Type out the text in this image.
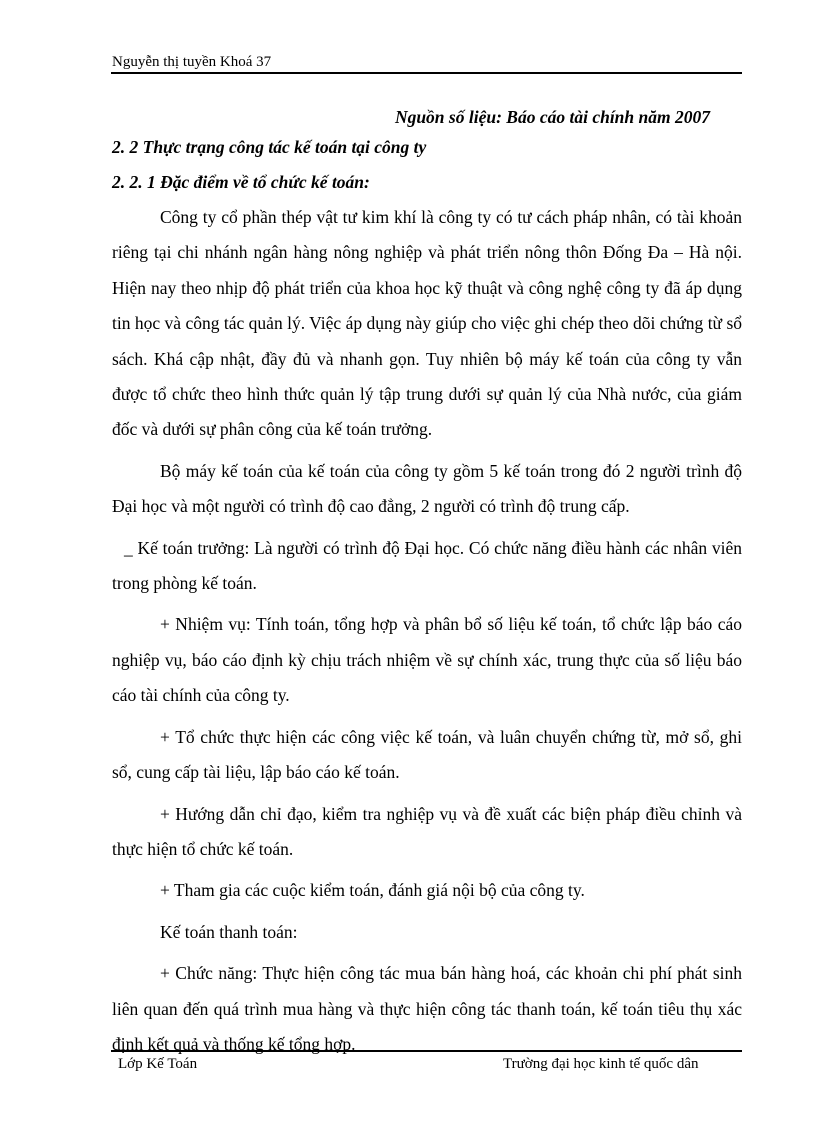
Nguyễn thị tuyền Khoá 37
Nguồn số liệu: Báo cáo tài chính năm 2007
2. 2 Thực trạng công tác kế toán tại công ty
2. 2. 1 Đặc điểm về tổ chức kế toán:

Công ty cổ phần thép vật tư kim khí là công ty có tư cách pháp nhân, có tài khoản riêng tại chi nhánh ngân hàng nông nghiệp và phát triển nông thôn Đống Đa – Hà nội. Hiện nay theo nhịp độ phát triển của khoa học kỹ thuật và công nghệ công ty đã áp dụng tin học và công tác quản lý. Việc áp dụng này giúp cho việc ghi chép theo dõi chứng từ sổ sách. Khá cập nhật, đầy đủ và nhanh gọn. Tuy nhiên bộ máy kế toán của công ty vẫn được tổ chức theo hình thức quản lý tập trung dưới sự quản lý của Nhà nước, của giám đốc và dưới sự phân công của kế toán trưởng.

Bộ máy kế toán của kế toán của công ty gồm 5 kế toán trong đó 2 người trình độ Đại học và một người có trình độ cao đẳng, 2 người có trình độ trung cấp.

_ Kế toán trưởng: Là người có trình độ Đại học. Có chức năng điều hành các nhân viên trong phòng kế toán.

+ Nhiệm vụ: Tính toán, tổng hợp và phân bổ số liệu kế toán, tổ chức lập báo cáo nghiệp vụ, báo cáo định kỳ chịu trách nhiệm về sự chính xác, trung thực của số liệu báo cáo tài chính của công ty.

+ Tổ chức thực hiện các công việc kế toán, và luân chuyển chứng từ, mở sổ, ghi sổ, cung cấp tài liệu, lập báo cáo kế toán.

+ Hướng dẫn chỉ đạo, kiểm tra nghiệp vụ và đề xuất các biện pháp điều chỉnh và thực hiện tổ chức kế toán.

+ Tham gia các cuộc kiểm toán, đánh giá nội bộ của công ty.

Kế toán thanh toán:

+ Chức năng: Thực hiện công tác mua bán hàng hoá, các khoản chi phí phát sinh liên quan đến quá trình mua hàng và thực hiện công tác thanh toán, kế toán tiêu thụ xác định kết quả và thống kế tổng hợp.

Lớp Kế Toán	Trường đại học kinh tế quốc dân
